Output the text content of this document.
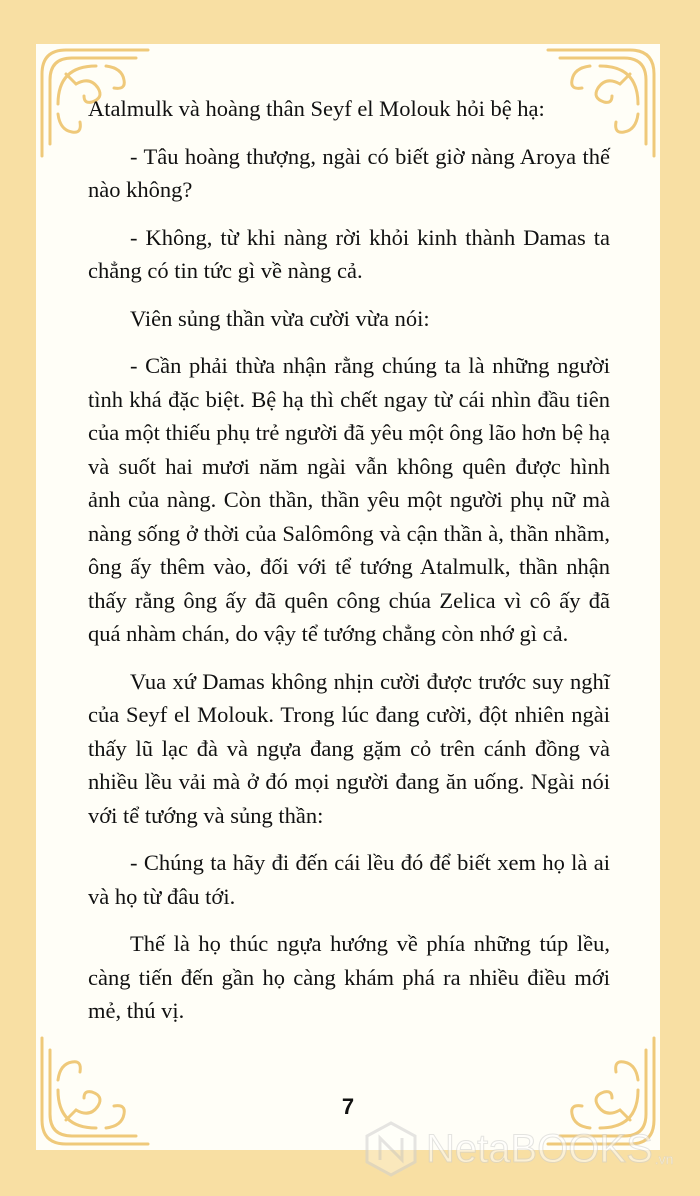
Atalmulk và hoàng thân Seyf el Molouk hỏi bệ hạ:

- Tâu hoàng thượng, ngài có biết giờ nàng Aroya thế nào không?

- Không, từ khi nàng rời khỏi kinh thành Damas ta chẳng có tin tức gì về nàng cả.

Viên sủng thần vừa cười vừa nói:

- Cần phải thừa nhận rằng chúng ta là những người tình khá đặc biệt. Bệ hạ thì chết ngay từ cái nhìn đầu tiên của một thiếu phụ trẻ người đã yêu một ông lão hơn bệ hạ và suốt hai mươi năm ngài vẫn không quên được hình ảnh của nàng. Còn thần, thần yêu một người phụ nữ mà nàng sống ở thời của Salômông và cận thần à, thần nhầm, ông ấy thêm vào, đối với tể tướng Atalmulk, thần nhận thấy rằng ông ấy đã quên công chúa Zelica vì cô ấy đã quá nhàm chán, do vậy tể tướng chẳng còn nhớ gì cả.

Vua xứ Damas không nhịn cười được trước suy nghĩ của Seyf el Molouk. Trong lúc đang cười, đột nhiên ngài thấy lũ lạc đà và ngựa đang gặm cỏ trên cánh đồng và nhiều lều vải mà ở đó mọi người đang ăn uống. Ngài nói với tể tướng và sủng thần:

- Chúng ta hãy đi đến cái lều đó để biết xem họ là ai và họ từ đâu tới.

Thế là họ thúc ngựa hướng về phía những túp lều, càng tiến đến gần họ càng khám phá ra nhiều điều mới mẻ, thú vị.

7
NetaBOOKS .vn
